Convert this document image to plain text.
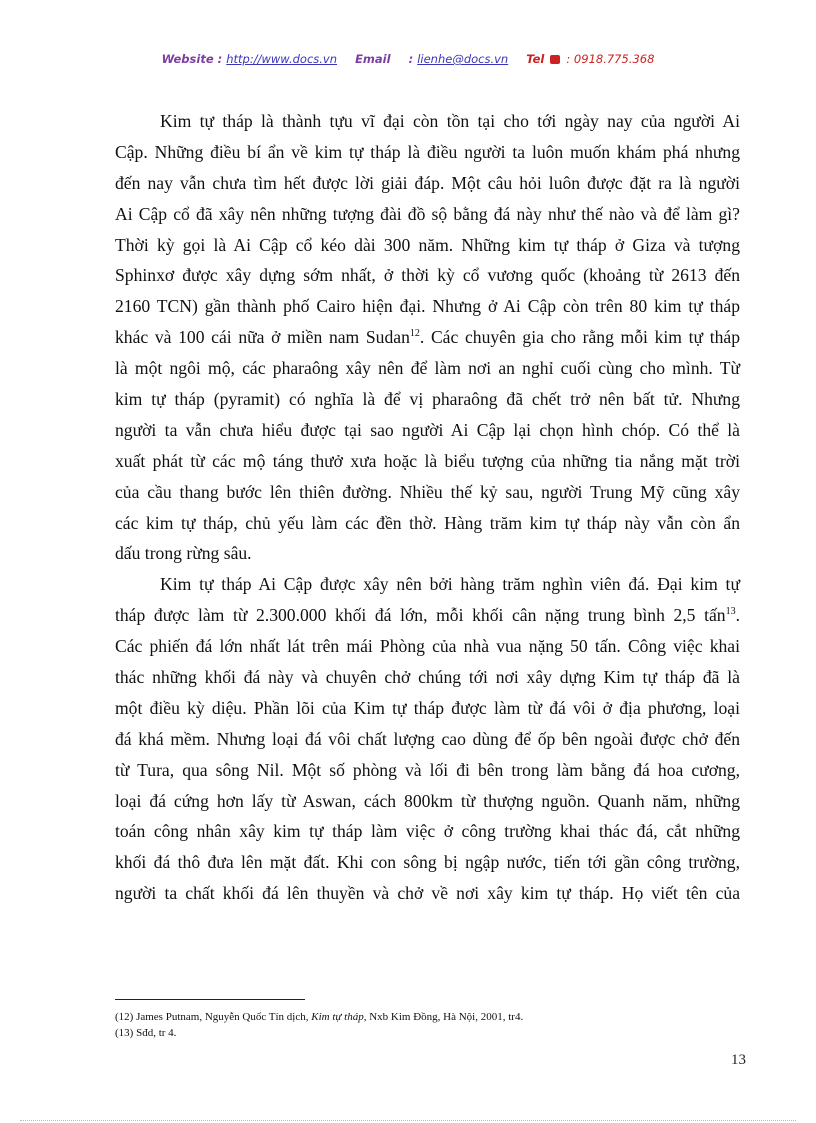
Website : http://www.docs.vn Email : lienhe@docs.vn Tel : 0918.775.368
Kim tự tháp là thành tựu vĩ đại còn tồn tại cho tới ngày nay của người Ai
Cập. Những điều bí ẩn về kim tự tháp là điều người ta luôn muốn khám phá nhưng
đến nay vẫn chưa tìm hết được lời giải đáp. Một câu hỏi luôn được đặt ra là người
Ai Cập cổ đã xây nên những tượng đài đồ sộ bằng đá này như thế nào và để làm gì?
Thời kỳ gọi là Ai Cập cổ kéo dài 300 năm. Những kim tự tháp ở Giza và tượng
Sphinxơ được xây dựng sớm nhất, ở thời kỳ cổ vương quốc (khoảng từ 2613 đến
2160 TCN) gần thành phố Cairo hiện đại. Nhưng ở Ai Cập còn trên 80 kim tự tháp
khác và 100 cái nữa ở miền nam Sudan$^{12}$. Các chuyên gia cho rằng mỗi kim tự tháp
là một ngôi mộ, các pharaông xây nên để làm nơi an nghỉ cuối cùng cho mình. Từ
kim tự tháp (pyramit) có nghĩa là để vị pharaông đã chết trở nên bất tử. Nhưng
người ta vẫn chưa hiểu được tại sao người Ai Cập lại chọn hình chóp. Có thể là
xuất phát từ các mộ táng thưở xưa hoặc là biểu tượng của những tia nắng mặt trời
của cầu thang bước lên thiên đường. Nhiều thế kỷ sau, người Trung Mỹ cũng xây
các kim tự tháp, chủ yếu làm các đền thờ. Hàng trăm kim tự tháp này vẫn còn ẩn
dấu trong rừng sâu.
Kim tự tháp Ai Cập được xây nên bởi hàng trăm nghìn viên đá. Đại kim tự
tháp được làm từ 2.300.000 khối đá lớn, mỗi khối cân nặng trung bình 2,5 tấn$^{13}$.
Các phiến đá lớn nhất lát trên mái Phòng của nhà vua nặng 50 tấn. Công việc khai
thác những khối đá này và chuyên chở chúng tới nơi xây dựng Kim tự tháp đã là
một điều kỳ diệu. Phần lõi của Kim tự tháp được làm từ đá vôi ở địa phương, loại
đá khá mềm. Nhưng loại đá vôi chất lượng cao dùng để ốp bên ngoài được chở đến
từ Tura, qua sông Nil. Một số phòng và lối đi bên trong làm bằng đá hoa cương,
loại đá cứng hơn lấy từ Aswan, cách 800km từ thượng nguồn. Quanh năm, những
toán công nhân xây kim tự tháp làm việc ở công trường khai thác đá, cắt những
khối đá thô đưa lên mặt đất. Khi con sông bị ngập nước, tiến tới gần công trường,
người ta chất khối đá lên thuyền và chở về nơi xây kim tự tháp. Họ viết tên của
(12) James Putnam, Nguyễn Quốc Tín dịch, Kim tự tháp, Nxb Kim Đồng, Hà Nội, 2001, tr4.
(13) Sđd, tr 4.
13
